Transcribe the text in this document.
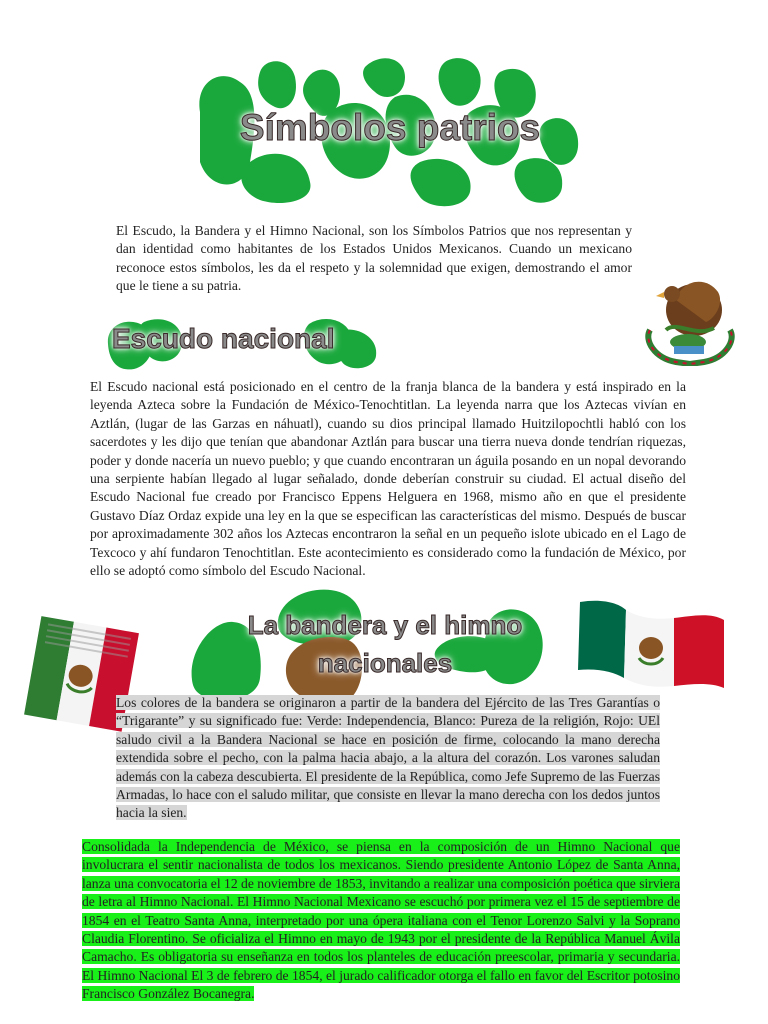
Símbolos patrios

El Escudo, la Bandera y el Himno Nacional, son los Símbolos Patrios que nos representan y dan identidad como habitantes de los Estados Unidos Mexicanos. Cuando un mexicano reconoce estos símbolos, les da el respeto y la solemnidad que exigen, demostrando el amor que le tiene a su patria.

Escudo nacional

El Escudo nacional está posicionado en el centro de la franja blanca de la bandera y está inspirado en la leyenda Azteca sobre la Fundación de México-Tenochtitlan. La leyenda narra que los Aztecas vivían en Aztlán, (lugar de las Garzas en náhuatl), cuando su dios principal llamado Huitzilopochtli habló con los sacerdotes y les dijo que tenían que abandonar Aztlán para buscar una tierra nueva donde tendrían riquezas, poder y donde nacería un nuevo pueblo; y que cuando encontraran un águila posando en un nopal devorando una serpiente habían llegado al lugar señalado, donde deberían construir su ciudad. El actual diseño del Escudo Nacional fue creado por Francisco Eppens Helguera en 1968, mismo año en que el presidente Gustavo Díaz Ordaz expide una ley en la que se especifican las características del mismo. Después de buscar por aproximadamente 302 años los Aztecas encontraron la señal en un pequeño islote ubicado en el Lago de Texcoco y ahí fundaron Tenochtitlan. Este acontecimiento es considerado como la fundación de México, por ello se adoptó como símbolo del Escudo Nacional.

La bandera y el himno
nacionales

Los colores de la bandera se originaron a partir de la bandera del Ejército de las Tres Garantías o “Trigarante” y su significado fue: Verde: Independencia, Blanco: Pureza de la religión, Rojo: UEl saludo civil a la Bandera Nacional se hace en posición de firme, colocando la mano derecha extendida sobre el pecho, con la palma hacia abajo, a la altura del corazón. Los varones saludan además con la cabeza descubierta. El presidente de la República, como Jefe Supremo de las Fuerzas Armadas, lo hace con el saludo militar, que consiste en llevar la mano derecha con los dedos juntos hacia la sien.

Consolidada la Independencia de México, se piensa en la composición de un Himno Nacional que involucrara el sentir nacionalista de todos los mexicanos. Siendo presidente Antonio López de Santa Anna, lanza una convocatoria el 12 de noviembre de 1853, invitando a realizar una composición poética que sirviera de letra al Himno Nacional. El Himno Nacional Mexicano se escuchó por primera vez el 15 de septiembre de 1854 en el Teatro Santa Anna, interpretado por una ópera italiana con el Tenor Lorenzo Salvi y la Soprano Claudia Florentino. Se oficializa el Himno en mayo de 1943 por el presidente de la República Manuel Ávila Camacho. Es obligatoria su enseñanza en todos los planteles de educación preescolar, primaria y secundaria. El Himno Nacional El 3 de febrero de 1854, el jurado calificador otorga el fallo en favor del Escritor potosino Francisco González Bocanegra.
